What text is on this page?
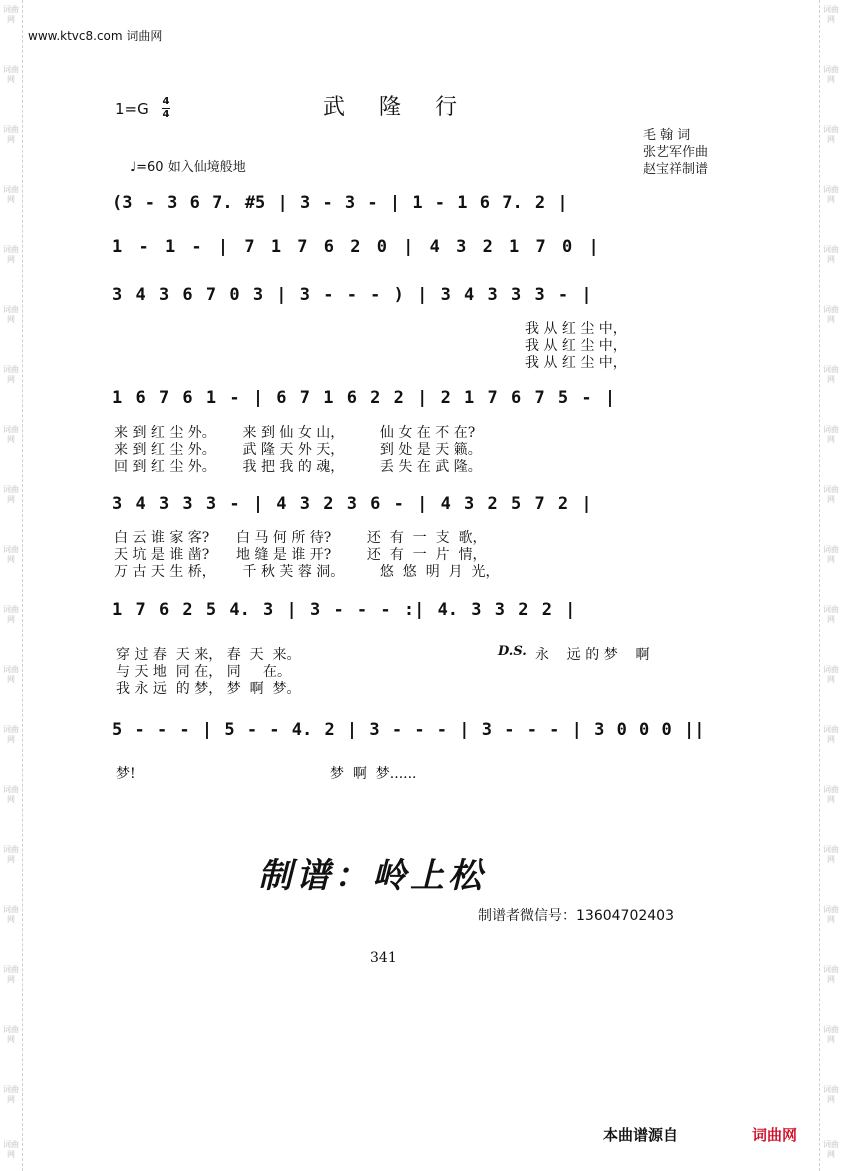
词曲网
词曲网
词曲网
词曲网
词曲网
词曲网
词曲网
词曲网
词曲网
词曲网
词曲网
词曲网
词曲网
词曲网
词曲网
词曲网
词曲网
词曲网
词曲网
词曲网
词曲网
词曲网
词曲网
词曲网
词曲网
词曲网
词曲网
词曲网
词曲网
词曲网
词曲网
词曲网
词曲网
词曲网
词曲网
词曲网
词曲网
词曲网
词曲网
词曲网
www.ktvc8.com 词曲网
1=G 4
4	武隆行
毛 翰 词
张艺军作曲
赵宝祥制谱
♩=60 如入仙境般地
(3 - 3 6 7. #5 | 3 - 3 - | 1 - 1 6 7. 2 |
1 - 1 - | 7 1 7 6 2 0 | 4 3 2 1 7 0 |
3 4 3 6 7 0 3 | 3 - - - ) | 3 4 3 3 3 - |
1 6 7 6 1 - | 6 7 1 6 2 2 | 2 1 7 6 7 5 - |
3 4 3 3 3 - | 4 3 2 3 6 - | 4 3 2 5 7 2 |
1 7 6 2 5 4. 3 | 3 - - - :| 4. 3 3 2 2 |
5 - - - | 5 - - 4. 2 | 3 - - - | 3 - - - | 3 0 0 0 ||
我 从 红 尘 中，
我 从 红 尘 中，
我 从 红 尘 中，
来 到 红 尘 外。      来 到 仙 女 山，        仙 女 在 不 在?
来 到 红 尘 外。      武 隆 天 外 天，        到 处 是 天 籁。
回 到 红 尘 外。      我 把 我 的 魂，        丢 失 在 武 隆。
白 云 谁 家 客?      白 马 何 所 待?        还  有  一  支  歌，
天 坑 是 谁 凿?      地 缝 是 谁 开?        还  有  一  片  情，
万 古 天 生 桥，      千 秋 芙 蓉 洞。        悠  悠  明  月  光，
穿 过 春  天 来， 春  天  来。
与 天 地  同 在， 同     在。
我 永 远  的 梦， 梦  啊  梦。
D.S. 永    远 的 梦    啊
梦!	梦  啊  梦......
制谱：岭上松
制谱者微信号：13604702403
341
本曲谱源自	词曲网
